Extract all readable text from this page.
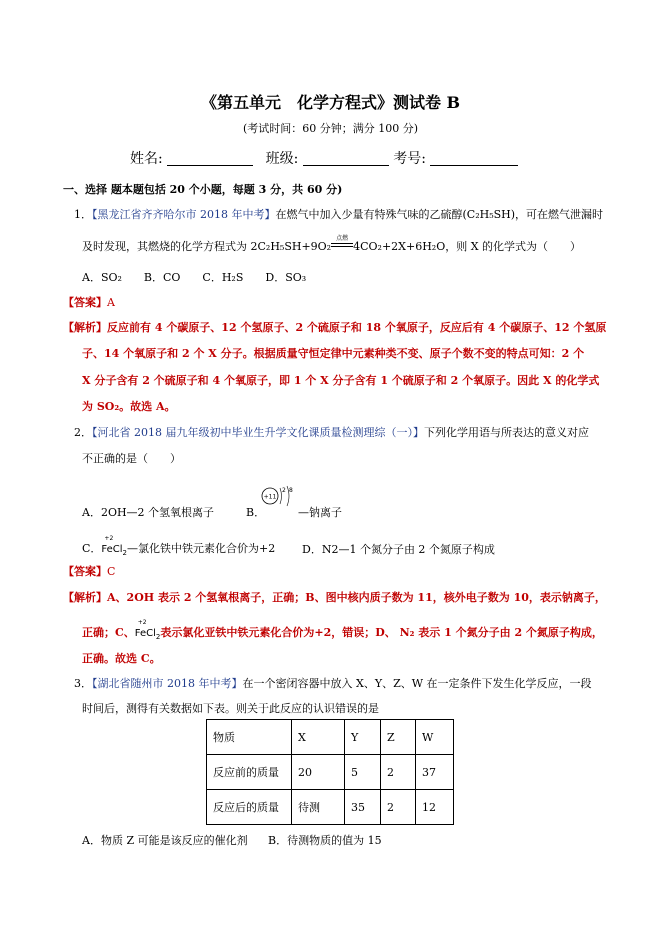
《第五单元　化学方程式》测试卷 B
(考试时间：60 分钟；满分 100 分)
姓名:	班级:	考号:
一、选择 题本题包括 20 个小题，每题 3 分，共 60 分)
1．【黑龙江省齐齐哈尔市 2018 年中考】在燃气中加入少量有特殊气味的乙硫醇(C₂H₅SH)，可在燃气泄漏时
及时发现，其燃烧的化学方程式为 2C₂H₅SH+9O₂
点燃
4CO₂+2X+6H₂O，则 X 的化学式为（　　）
A．SO₂　　B．CO　　C．H₂S　　D．SO₃
【答案】A
【解析】反应前有 4 个碳原子、12 个氢原子、2 个硫原子和 18 个氧原子，反应后有 4 个碳原子、12 个氢原
子、14 个氧原子和 2 个 X 分子。根据质量守恒定律中元素种类不变、原子个数不变的特点可知：2 个
X 分子含有 2 个硫原子和 4 个氧原子，即 1 个 X 分子含有 1 个硫原子和 2 个氧原子。因此 X 的化学式
为 SO₂。故选 A。
2．【河北省 2018 届九年级初中毕业生升学文化课质量检测理综（一）】下列化学用语与所表达的意义对应
不正确的是（　　）
A．2OH—2 个氢氧根离子	B．
+11
2 8
—钠离子
C．
+2
FeCl$_2$—氯化铁中铁元素化合价为+2 D．N2—1 个氮分子由 2 个氮原子构成
【答案】C
【解析】A、2OH 表示 2 个氢氧根离子，正确；B、图中核内质子数为 11，核外电子数为 10，表示钠离子，
正确；C、
+2
FeCl$_2$表示氯化亚铁中铁元素化合价为+2，错误；D、 N₂ 表示 1 个氮分子由 2 个氮原子构成，
正确。故选 C。
3．【湖北省随州市 2018 年中考】在一个密闭容器中放入 X、Y、Z、W 在一定条件下发生化学反应，一段
时间后，测得有关数据如下表。则关于此反应的认识错误的是
物质	X	Y	Z	W
反应前的质量	20	5	2	37
反应后的质量	待测	35	2	12
A．物质 Z 可能是该反应的催化剂 B．待测物质的值为 15
